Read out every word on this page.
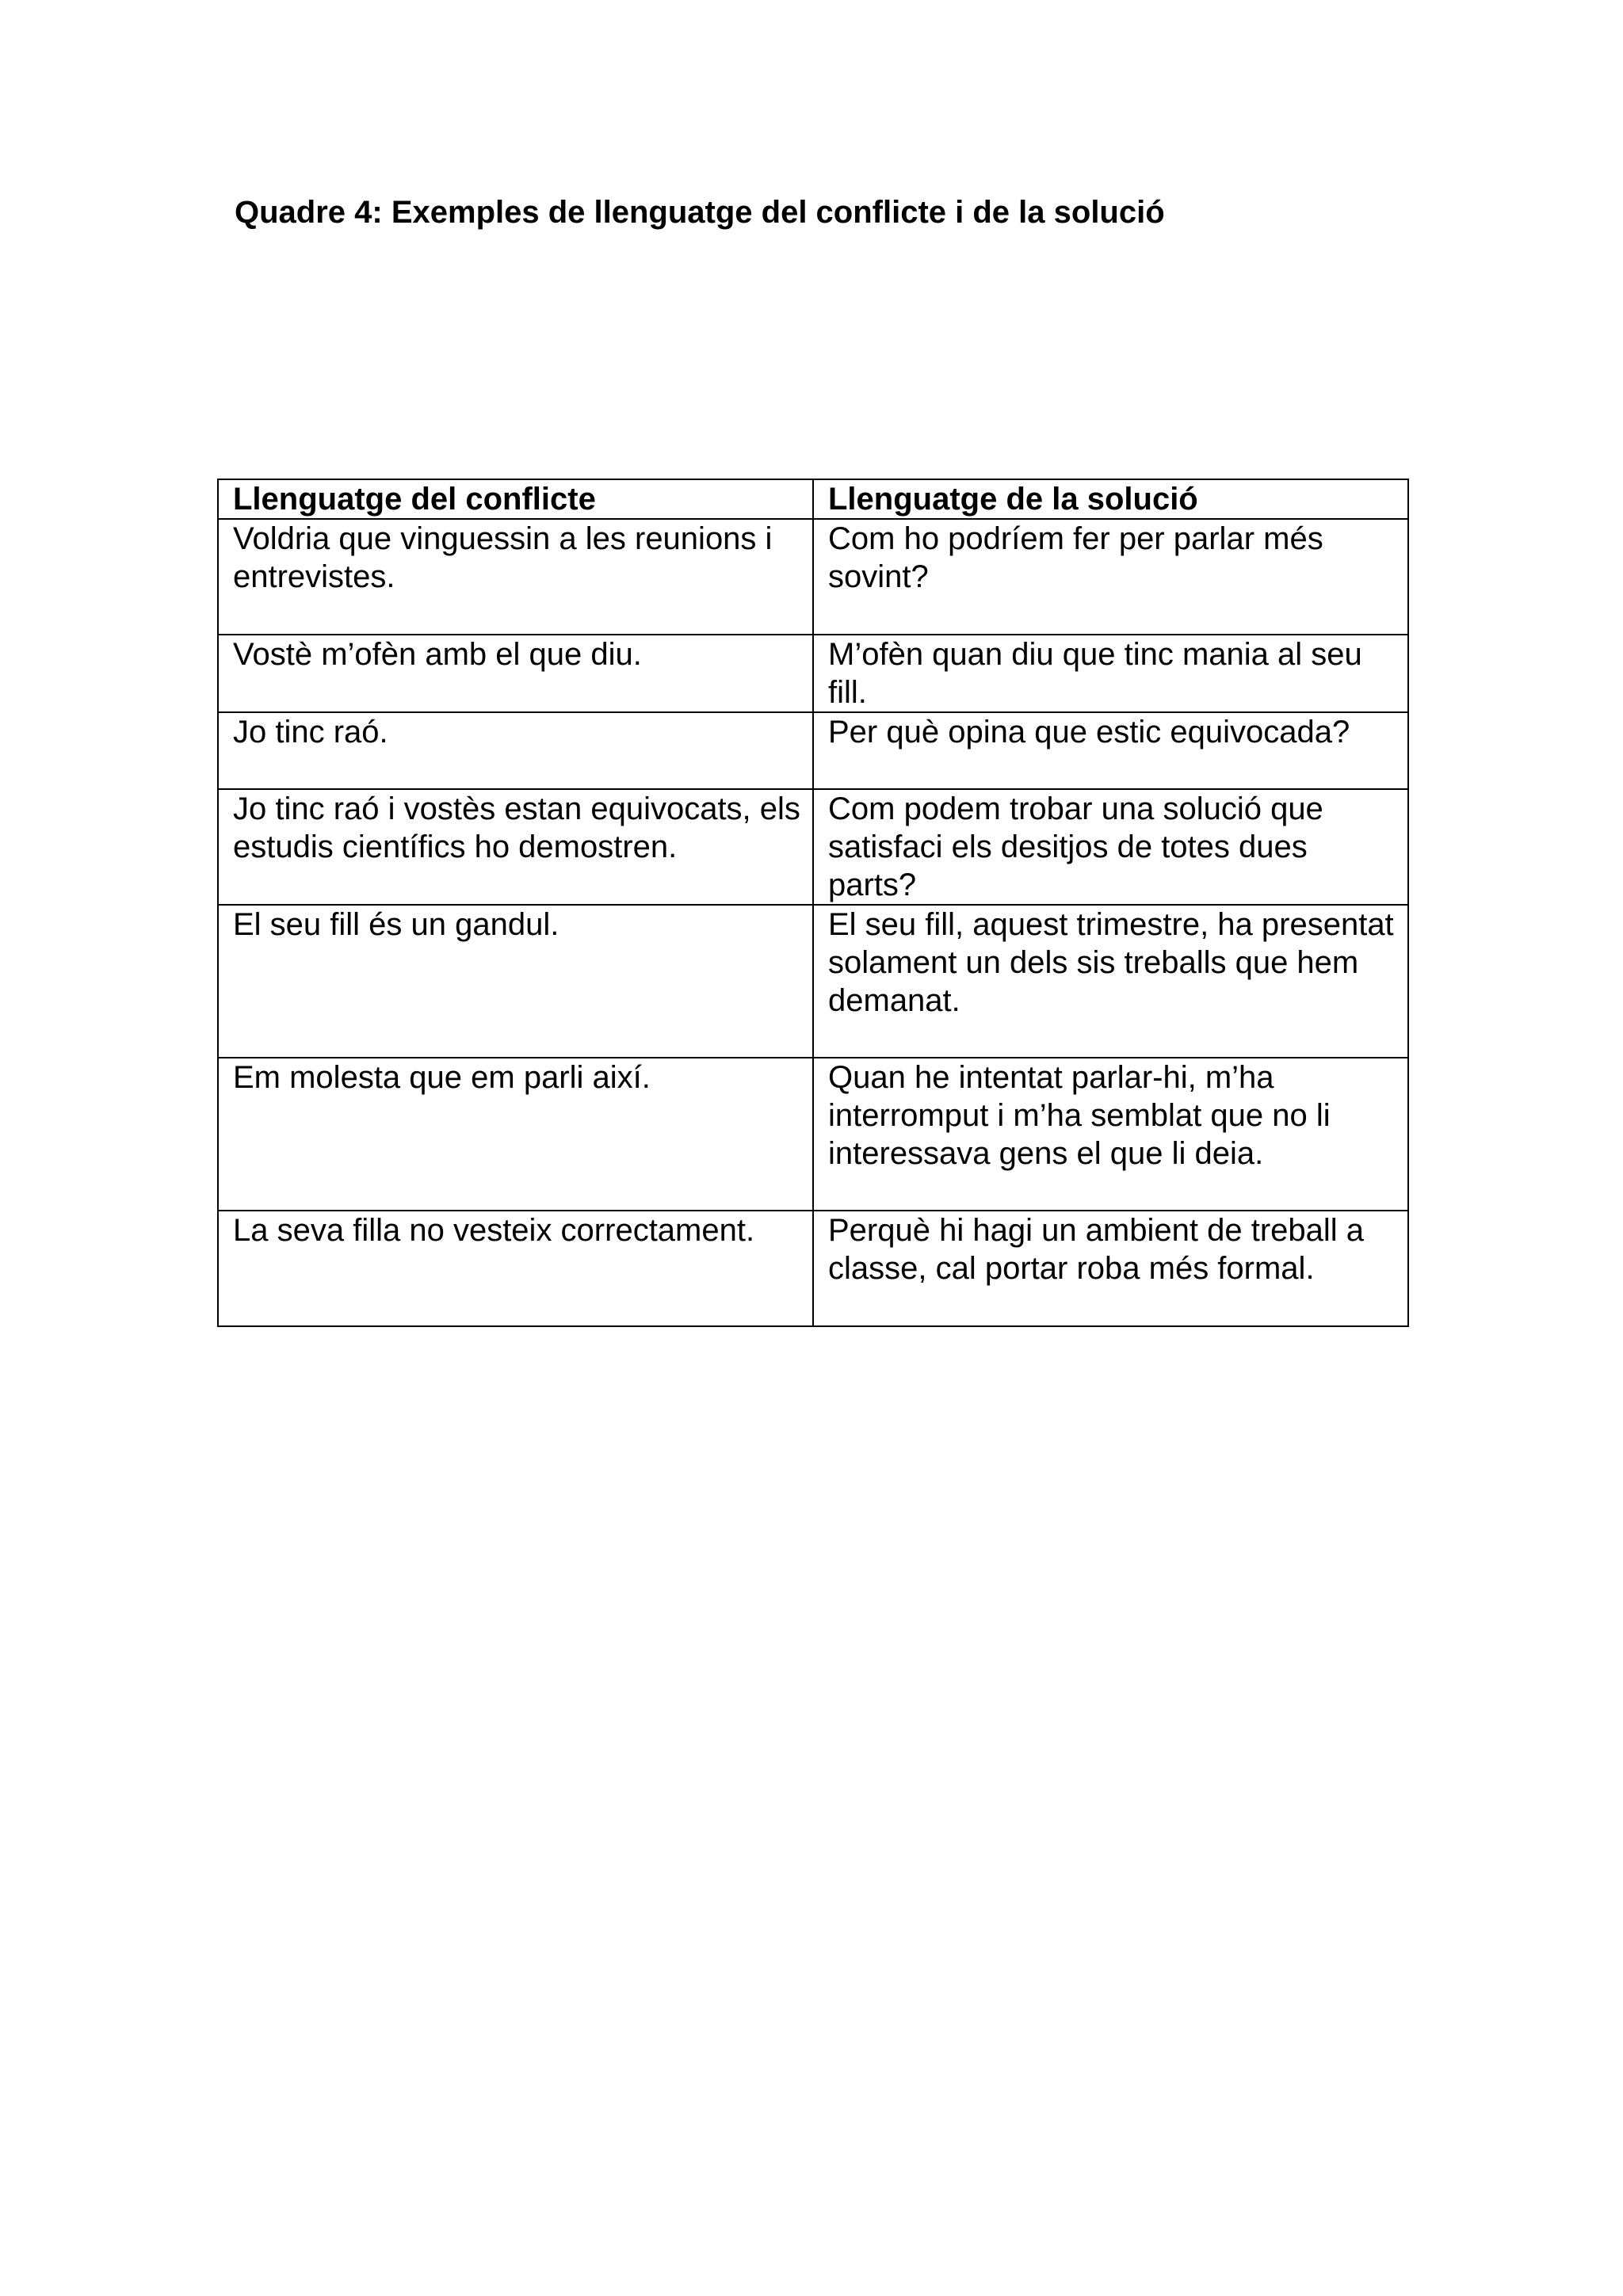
Quadre 4: Exemples de llenguatge del conflicte i de la solució
Llenguatge del conflicte	Llenguatge de la solució
Voldria que vinguessin a les reunions i entrevistes.	Com ho podríem fer per parlar més sovint?
Vostè m’ofèn amb el que diu.	M’ofèn quan diu que tinc mania al seu fill.
Jo tinc raó.	Per què opina que estic equivocada?
Jo tinc raó i vostès estan equivocats, els estudis científics ho demostren.	Com podem trobar una solució que satisfaci els desitjos de totes dues parts?
El seu fill és un gandul.	El seu fill, aquest trimestre, ha presentat solament un dels sis treballs que hem demanat.
Em molesta que em parli així.	Quan he intentat parlar-hi, m’ha interromput i m’ha semblat que no li interessava gens el que li deia.
La seva filla no vesteix correctament.	Perquè hi hagi un ambient de treball a classe, cal portar roba més formal.
